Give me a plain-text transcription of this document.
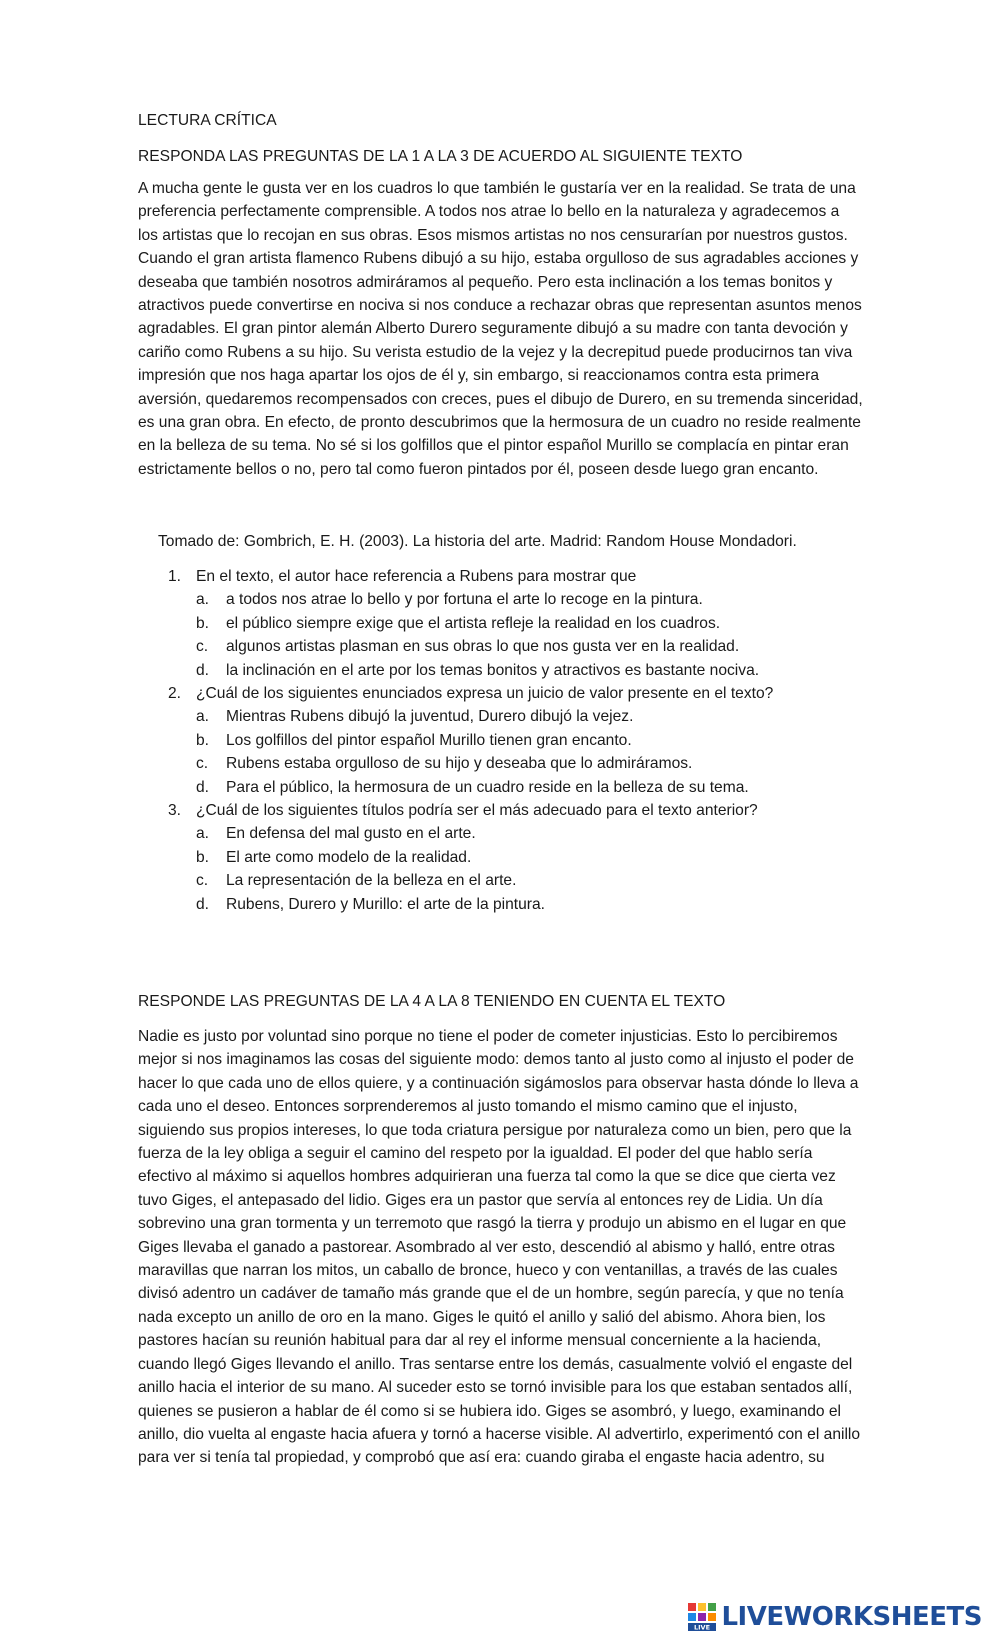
LECTURA CRÍTICA

RESPONDA LAS PREGUNTAS DE LA 1 A LA 3 DE ACUERDO AL SIGUIENTE TEXTO

A mucha gente le gusta ver en los cuadros lo que también le gustaría ver en la realidad. Se trata de una preferencia perfectamente comprensible. A todos nos atrae lo bello en la naturaleza y agradecemos a los artistas que lo recojan en sus obras. Esos mismos artistas no nos censurarían por nuestros gustos. Cuando el gran artista flamenco Rubens dibujó a su hijo, estaba orgulloso de sus agradables acciones y deseaba que también nosotros admiráramos al pequeño. Pero esta inclinación a los temas bonitos y atractivos puede convertirse en nociva si nos conduce a rechazar obras que representan asuntos menos agradables. El gran pintor alemán Alberto Durero seguramente dibujó a su madre con tanta devoción y cariño como Rubens a su hijo. Su verista estudio de la vejez y la decrepitud puede producirnos tan viva impresión que nos haga apartar los ojos de él y, sin embargo, si reaccionamos contra esta primera aversión, quedaremos recompensados con creces, pues el dibujo de Durero, en su tremenda sinceridad, es una gran obra. En efecto, de pronto descubrimos que la hermosura de un cuadro no reside realmente en la belleza de su tema. No sé si los golfillos que el pintor español Murillo se complacía en pintar eran estrictamente bellos o no, pero tal como fueron pintados por él, poseen desde luego gran encanto.

Tomado de: Gombrich, E. H. (2003). La historia del arte. Madrid: Random House Mondadori.

1. En el texto, el autor hace referencia a Rubens para mostrar que
a. a todos nos atrae lo bello y por fortuna el arte lo recoge en la pintura.
b. el público siempre exige que el artista refleje la realidad en los cuadros.
c. algunos artistas plasman en sus obras lo que nos gusta ver en la realidad.
d. la inclinación en el arte por los temas bonitos y atractivos es bastante nociva.
2. ¿Cuál de los siguientes enunciados expresa un juicio de valor presente en el texto?
a. Mientras Rubens dibujó la juventud, Durero dibujó la vejez.
b. Los golfillos del pintor español Murillo tienen gran encanto.
c. Rubens estaba orgulloso de su hijo y deseaba que lo admiráramos.
d. Para el público, la hermosura de un cuadro reside en la belleza de su tema.
3. ¿Cuál de los siguientes títulos podría ser el más adecuado para el texto anterior?
a. En defensa del mal gusto en el arte.
b. El arte como modelo de la realidad.
c. La representación de la belleza en el arte.
d. Rubens, Durero y Murillo: el arte de la pintura.

RESPONDE LAS PREGUNTAS DE LA 4 A LA 8 TENIENDO EN CUENTA EL TEXTO

Nadie es justo por voluntad sino porque no tiene el poder de cometer injusticias. Esto lo percibiremos mejor si nos imaginamos las cosas del siguiente modo: demos tanto al justo como al injusto el poder de hacer lo que cada uno de ellos quiere, y a continuación sigámoslos para observar hasta dónde lo lleva a cada uno el deseo. Entonces sorprenderemos al justo tomando el mismo camino que el injusto, siguiendo sus propios intereses, lo que toda criatura persigue por naturaleza como un bien, pero que la fuerza de la ley obliga a seguir el camino del respeto por la igualdad. El poder del que hablo sería efectivo al máximo si aquellos hombres adquirieran una fuerza tal como la que se dice que cierta vez tuvo Giges, el antepasado del lidio. Giges era un pastor que servía al entonces rey de Lidia. Un día sobrevino una gran tormenta y un terremoto que rasgó la tierra y produjo un abismo en el lugar en que Giges llevaba el ganado a pastorear. Asombrado al ver esto, descendió al abismo y halló, entre otras maravillas que narran los mitos, un caballo de bronce, hueco y con ventanillas, a través de las cuales divisó adentro un cadáver de tamaño más grande que el de un hombre, según parecía, y que no tenía nada excepto un anillo de oro en la mano. Giges le quitó el anillo y salió del abismo. Ahora bien, los pastores hacían su reunión habitual para dar al rey el informe mensual concerniente a la hacienda, cuando llegó Giges llevando el anillo. Tras sentarse entre los demás, casualmente volvió el engaste del anillo hacia el interior de su mano. Al suceder esto se tornó invisible para los que estaban sentados allí, quienes se pusieron a hablar de él como si se hubiera ido. Giges se asombró, y luego, examinando el anillo, dio vuelta al engaste hacia afuera y tornó a hacerse visible. Al advertirlo, experimentó con el anillo para ver si tenía tal propiedad, y comprobó que así era: cuando giraba el engaste hacia adentro, su

LIVE LIVEWORKSHEETS
